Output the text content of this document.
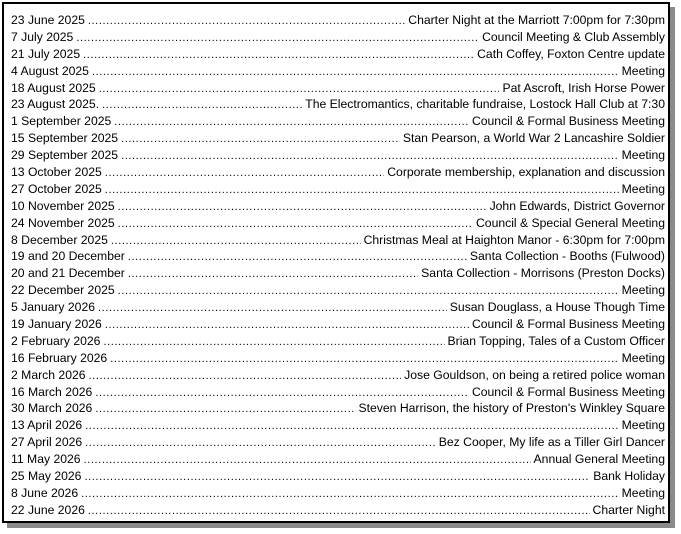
23 June 2025 .....	Charter Night at the Marriott 7:00pm for 7:30pm
7 July 2025 .....	Council Meeting & Club Assembly
21 July 2025 .....	Cath Coffey, Foxton Centre update
4 August 2025 .....	Meeting
18 August 2025 .....	Pat Ascroft, Irish Horse Power
23 August 2025. .....	The Electromantics, charitable fundraise, Lostock Hall Club at 7:30
1 September 2025 .....	Council & Formal Business Meeting
15 September 2025 .....	Stan Pearson, a World War 2 Lancashire Soldier
29 September 2025 .....	Meeting
13 October 2025 .....	Corporate membership, explanation and discussion
27 October 2025 .....	Meeting
10 November 2025 .....	John Edwards, District Governor
24 November 2025 .....	Council & Special General Meeting
8 December 2025 .....	Christmas Meal at Haighton Manor - 6:30pm for 7:00pm
19 and 20 December .....	Santa Collection - Booths (Fulwood)
20 and 21 December .....	Santa Collection - Morrisons (Preston Docks)
22 December 2025 .....	Meeting
5 January 2026 .....	Susan Douglass, a House Though Time
19 January 2026 .....	Council & Formal Business Meeting
2 February 2026 .....	Brian Topping, Tales of a Custom Officer
16 February 2026 .....	Meeting
2 March 2026 .....	Jose Gouldson, on being a retired police woman
16 March 2026 .....	Council & Formal Business Meeting
30 March 2026 .....	Steven Harrison, the history of Preston's Winkley Square
13 April 2026 .....	Meeting
27 April 2026 .....	Bez Cooper, My life as a Tiller Girl Dancer
11 May 2026 .....	Annual General Meeting
25 May 2026 .....	Bank Holiday
8 June 2026 .....	Meeting
22 June 2026 .....	Charter Night
